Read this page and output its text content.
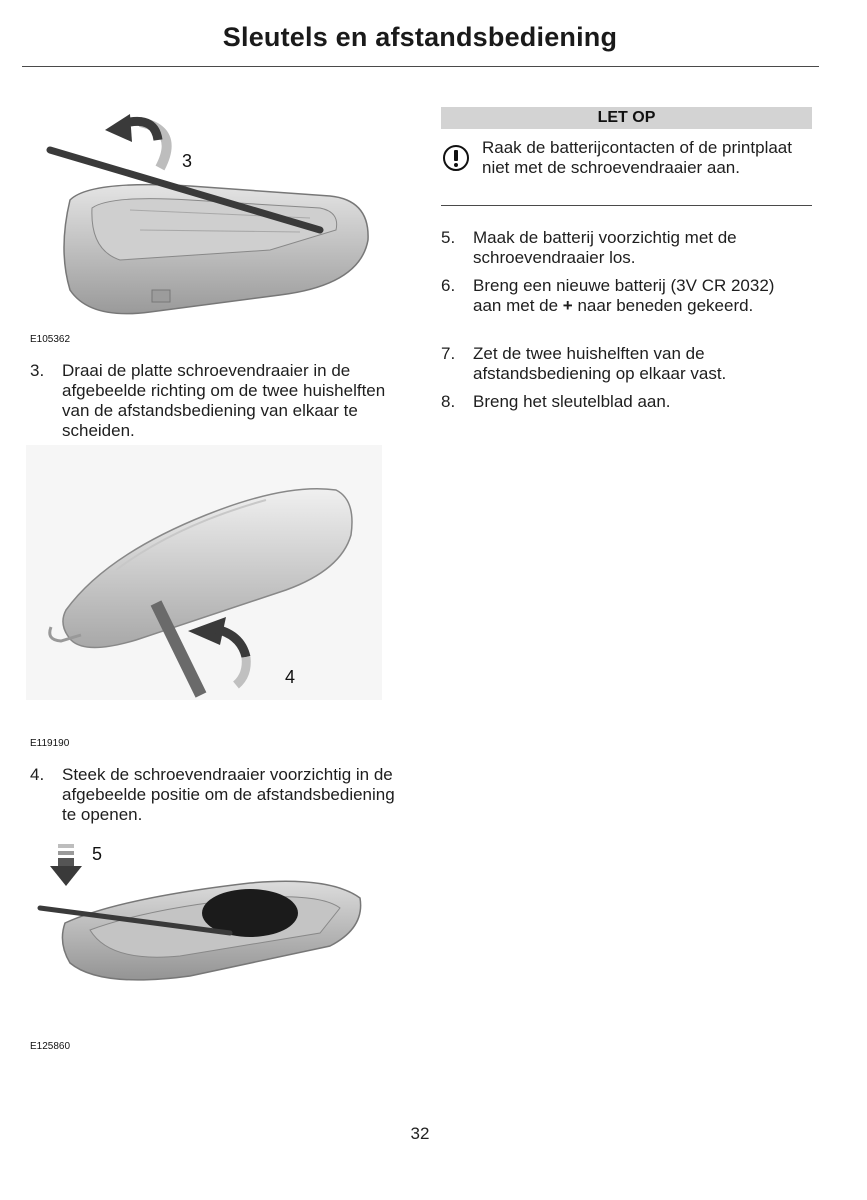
Sleutels en afstandsbediening
3
E105362
3. Draai de platte schroevendraaier in de afgebeelde richting om de twee huishelften van de afstandsbediening van elkaar te scheiden.
4
E119190
4. Steek de schroevendraaier voorzichtig in de afgebeelde positie om de afstandsbediening te openen.
5
E125860
LET OP
Raak de batterijcontacten of de printplaat niet met de schroevendraaier aan.
5. Maak de batterij voorzichtig met de schroevendraaier los.
6. Breng een nieuwe batterij (3V CR 2032) aan met de + naar beneden gekeerd.
7. Zet de twee huishelften van de afstandsbediening op elkaar vast.
8. Breng het sleutelblad aan.
32
